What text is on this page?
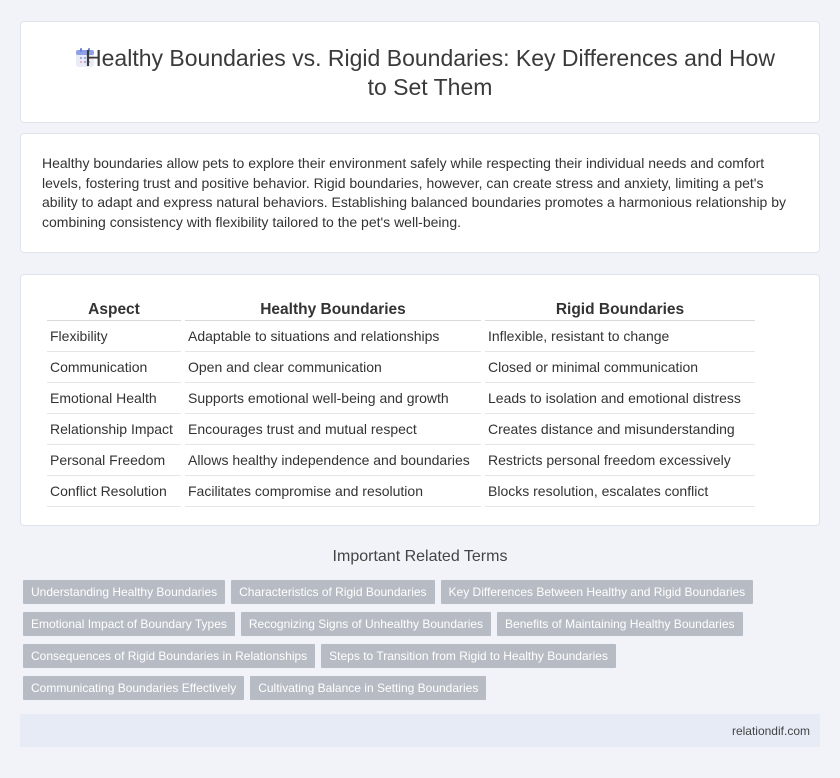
Healthy Boundaries vs. Rigid Boundaries: Key Differences and How to Set Them

Healthy boundaries allow pets to explore their environment safely while respecting their individual needs and comfort levels, fostering trust and positive behavior. Rigid boundaries, however, can create stress and anxiety, limiting a pet's ability to adapt and express natural behaviors. Establishing balanced boundaries promotes a harmonious relationship by combining consistency with flexibility tailored to the pet's well-being.

Aspect	Healthy Boundaries	Rigid Boundaries
Flexibility	Adaptable to situations and relationships	Inflexible, resistant to change
Communication	Open and clear communication	Closed or minimal communication
Emotional Health	Supports emotional well-being and growth	Leads to isolation and emotional distress
Relationship Impact	Encourages trust and mutual respect	Creates distance and misunderstanding
Personal Freedom	Allows healthy independence and boundaries	Restricts personal freedom excessively
Conflict Resolution	Facilitates compromise and resolution	Blocks resolution, escalates conflict
Important Related Terms
Understanding Healthy Boundaries	Characteristics of Rigid Boundaries	Key Differences Between Healthy and Rigid Boundaries
Emotional Impact of Boundary Types	Recognizing Signs of Unhealthy Boundaries	Benefits of Maintaining Healthy Boundaries
Consequences of Rigid Boundaries in Relationships	Steps to Transition from Rigid to Healthy Boundaries
Communicating Boundaries Effectively	Cultivating Balance in Setting Boundaries
relationdif.com
